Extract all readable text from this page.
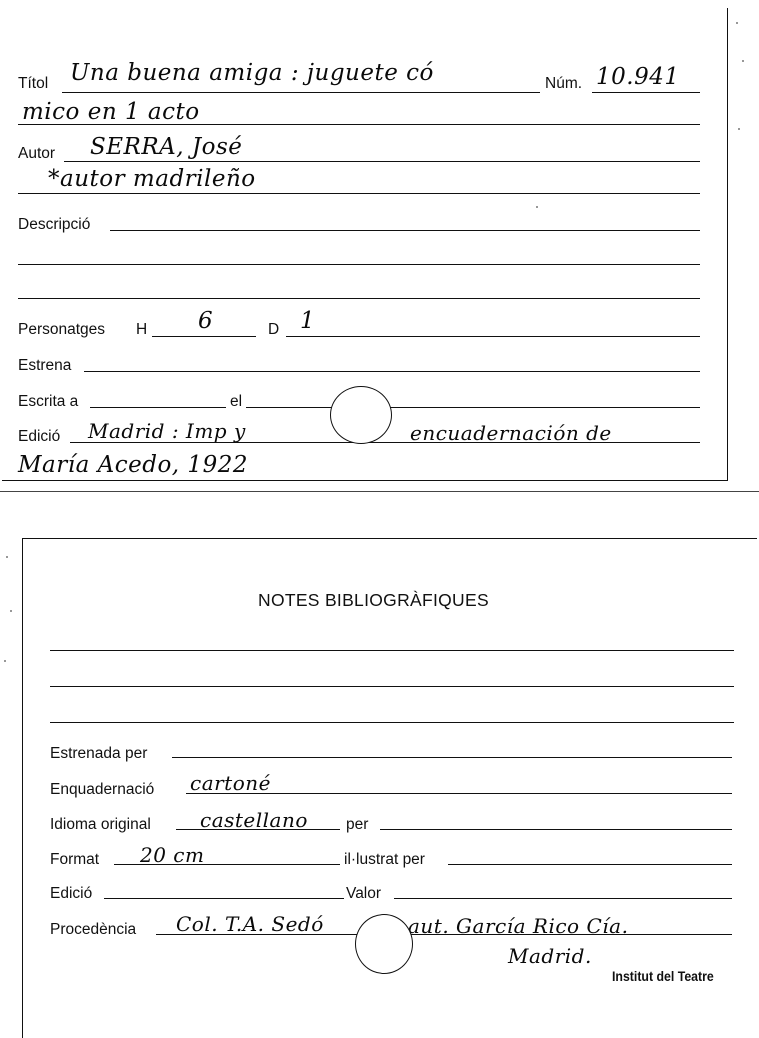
Títol Una buena amiga : juguete có	Núm. 10.941
mico en 1 acto
Autor SERRA, José
*autor madrileño
Descripció
Personatges H 6	D 1
Estrena
Escrita a	el
Edició Madrid : Imp y	encuadernación de
María Acedo, 1922
NOTES BIBLIOGRÀFIQUES
Estrenada per
Enquadernació cartoné
Idioma original castellano per
Format 20 cm	il·lustrat per
Edició	Valor
Procedència Col. T.A. Sedó	aut. García Rico Cía.
Madrid.
Institut del Teatre
